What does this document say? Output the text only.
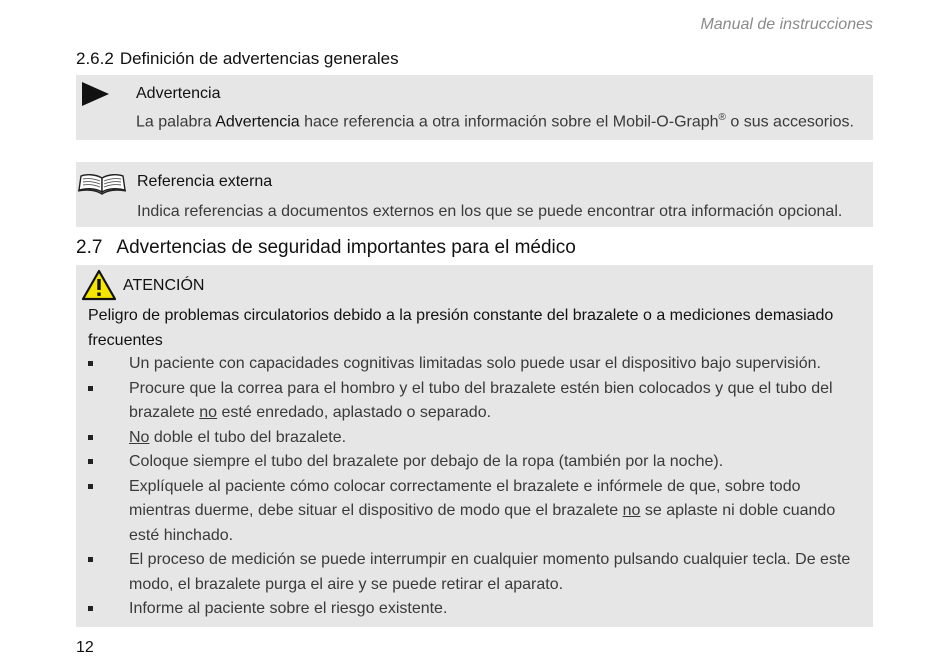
Manual de instrucciones
2.6.2 Definición de advertencias generales
Advertencia
La palabra Advertencia hace referencia a otra información sobre el Mobil-O-Graph® o sus accesorios.
Referencia externa
Indica referencias a documentos externos en los que se puede encontrar otra información opcional.
2.7 Advertencias de seguridad importantes para el médico
ATENCIÓN
Peligro de problemas circulatorios debido a la presión constante del brazalete o a mediciones demasiado
frecuentes
Un paciente con capacidades cognitivas limitadas solo puede usar el dispositivo bajo supervisión.
Procure que la correa para el hombro y el tubo del brazalete estén bien colocados y que el tubo del brazalete no esté enredado, aplastado o separado.
No doble el tubo del brazalete.
Coloque siempre el tubo del brazalete por debajo de la ropa (también por la noche).
Explíquele al paciente cómo colocar correctamente el brazalete e infórmele de que, sobre todo mientras duerme, debe situar el dispositivo de modo que el brazalete no se aplaste ni doble cuando esté hinchado.
El proceso de medición se puede interrumpir en cualquier momento pulsando cualquier tecla. De este modo, el brazalete purga el aire y se puede retirar el aparato.
Informe al paciente sobre el riesgo existente.
12
